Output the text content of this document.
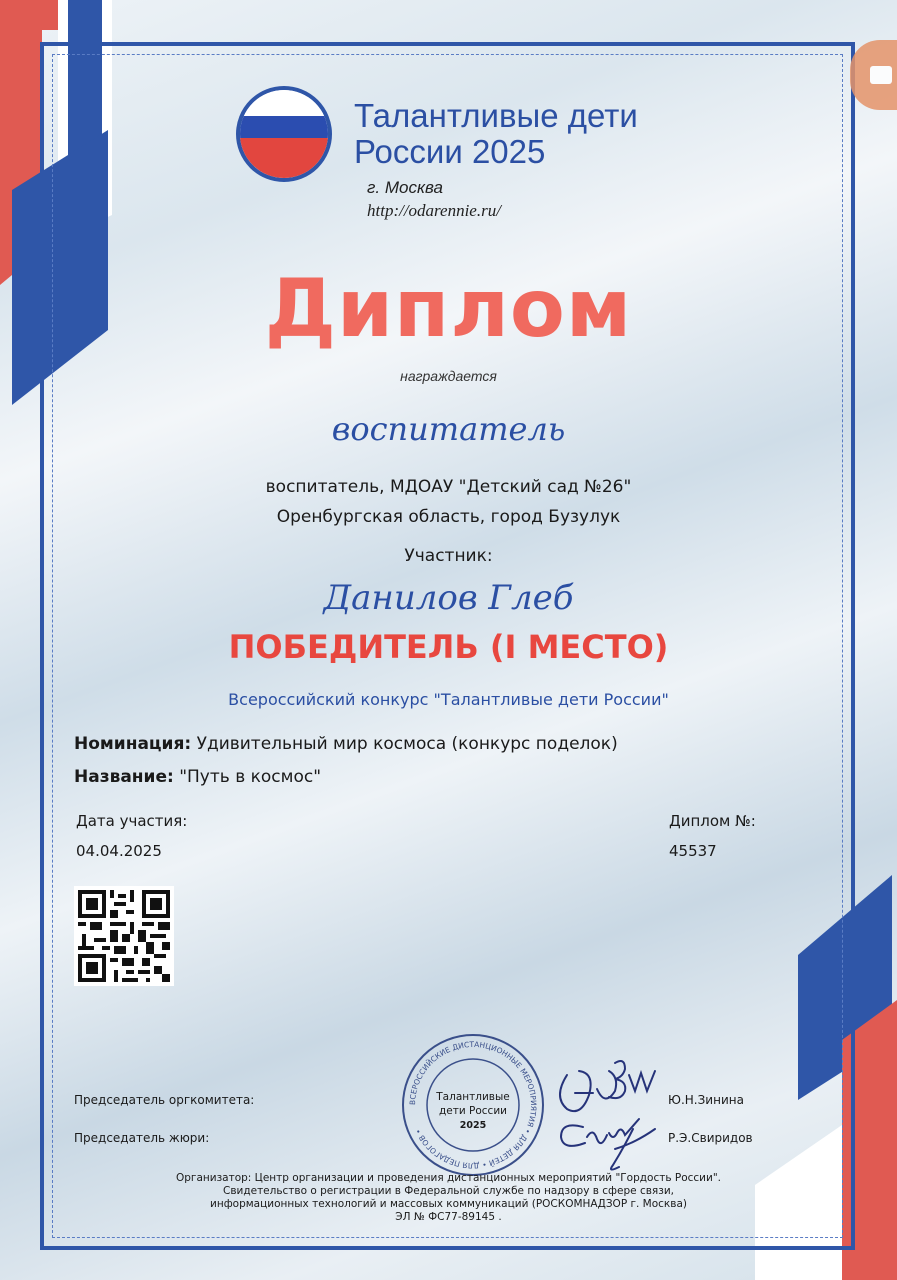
Талантливые дети
России 2025
г. Москва
http://odarennie.ru/
Диплом
награждается
воспитатель
воспитатель, МДОАУ "Детский сад №26"
Оренбургская область, город Бузулук
Участник:
Данилов Глеб
ПОБЕДИТЕЛЬ (I МЕСТО)
Всероссийский конкурс "Талантливые дети России"
Номинация: Удивительный мир космоса (конкурс поделок)
Название: "Путь в космос"
Дата участия:
04.04.2025
Диплом №:
45537
ВСЕРОССИЙСКИЕ ДИСТАНЦИОННЫЕ МЕРОПРИЯТИЯ • ДЛЯ ДЕТЕЙ • ДЛЯ ПЕДАГОГОВ •
Талантливые
дети России
2025
Председатель оргкомитета:	Ю.Н.Зинина
Председатель жюри:	Р.Э.Свиридов
Организатор: Центр организации и проведения дистанционных мероприятий "Гордость России".
Свидетельство о регистрации в Федеральной службе по надзору в сфере связи,
информационных технологий и массовых коммуникаций (РОСКОМНАДЗОР г. Москва)
ЭЛ № ФС77-89145 .
